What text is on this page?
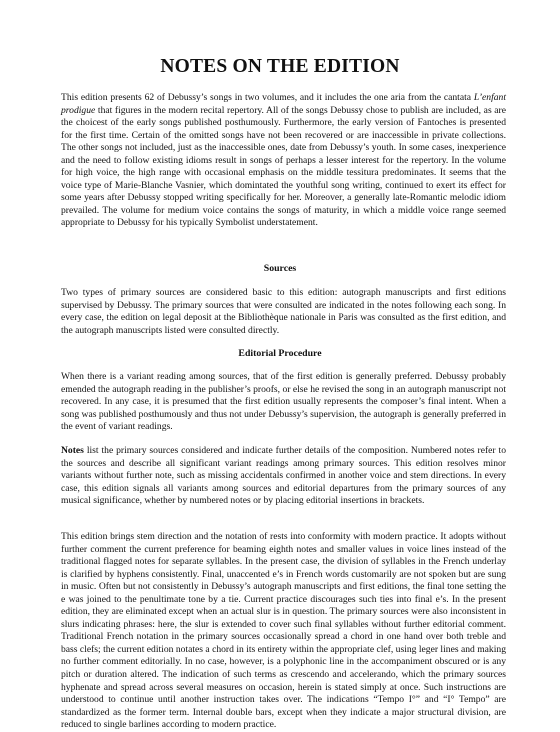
NOTES ON THE EDITION

This edition presents 62 of Debussy’s songs in two volumes, and it includes the one aria from the cantata L’enfant prodigue that figures in the modern recital repertory. All of the songs Debussy chose to publish are included, as are the choicest of the early songs published posthumously. Furthermore, the early version of Fantoches is presented for the first time. Certain of the omitted songs have not been recovered or are inaccessible in private collections. The other songs not included, just as the inaccessible ones, date from Debussy’s youth. In some cases, inexperience and the need to follow existing idioms result in songs of perhaps a lesser interest for the repertory. In the volume for high voice, the high range with occasional emphasis on the middle tessitura predominates. It seems that the voice type of Marie-Blanche Vasnier, which domintated the youthful song writing, continued to exert its effect for some years after Debussy stopped writing specifically for her. Moreover, a generally late-Romantic melodic idiom prevailed. The volume for medium voice contains the songs of maturity, in which a middle voice range seemed appropriate to Debussy for his typically Symbolist understatement.

Sources

Two types of primary sources are considered basic to this edition: autograph manuscripts and first editions supervised by Debussy. The primary sources that were consulted are indicated in the notes following each song. In every case, the edition on legal deposit at the Bibliothèque nationale in Paris was consulted as the first edition, and the autograph manuscripts listed were consulted directly.

Editorial Procedure

When there is a variant reading among sources, that of the first edition is generally preferred. Debussy probably emended the autograph reading in the publisher’s proofs, or else he revised the song in an autograph manuscript not recovered. In any case, it is presumed that the first edition usually represents the composer’s final intent. When a song was published posthumously and thus not under Debussy’s supervision, the autograph is generally preferred in the event of variant readings.

Notes list the primary sources considered and indicate further details of the composition. Numbered notes refer to the sources and describe all significant variant readings among primary sources. This edition resolves minor variants without further note, such as missing accidentals confirmed in another voice and stem directions. In every case, this edition signals all variants among sources and editorial departures from the primary sources of any musical significance, whether by numbered notes or by placing editorial insertions in brackets.

This edition brings stem direction and the notation of rests into conformity with modern practice. It adopts without further comment the current preference for beaming eighth notes and smaller values in voice lines instead of the traditional flagged notes for separate syllables. In the present case, the division of syllables in the French underlay is clarified by hyphens consistently. Final, unaccented e’s in French words customarily are not spoken but are sung in music. Often but not consistently in Debussy’s autograph manuscripts and first editions, the final tone setting the e was joined to the penultimate tone by a tie. Current practice discourages such ties into final e’s. In the present edition, they are eliminated except when an actual slur is in question. The primary sources were also inconsistent in slurs indicating phrases: here, the slur is extended to cover such final syllables without further editorial comment. Traditional French notation in the primary sources occasionally spread a chord in one hand over both treble and bass clefs; the current edition notates a chord in its entirety within the appropriate clef, using leger lines and making no further comment editorially. In no case, however, is a polyphonic line in the accompaniment obscured or is any pitch or duration altered. The indication of such terms as crescendo and accelerando, which the primary sources hyphenate and spread across several measures on occasion, herein is stated simply at once. Such instructions are understood to continue until another instruction takes over. The indications “Tempo I°” and “I° Tempo” are standardized as the former term. Internal double bars, except when they indicate a major structural division, are reduced to single barlines according to modern practice.
